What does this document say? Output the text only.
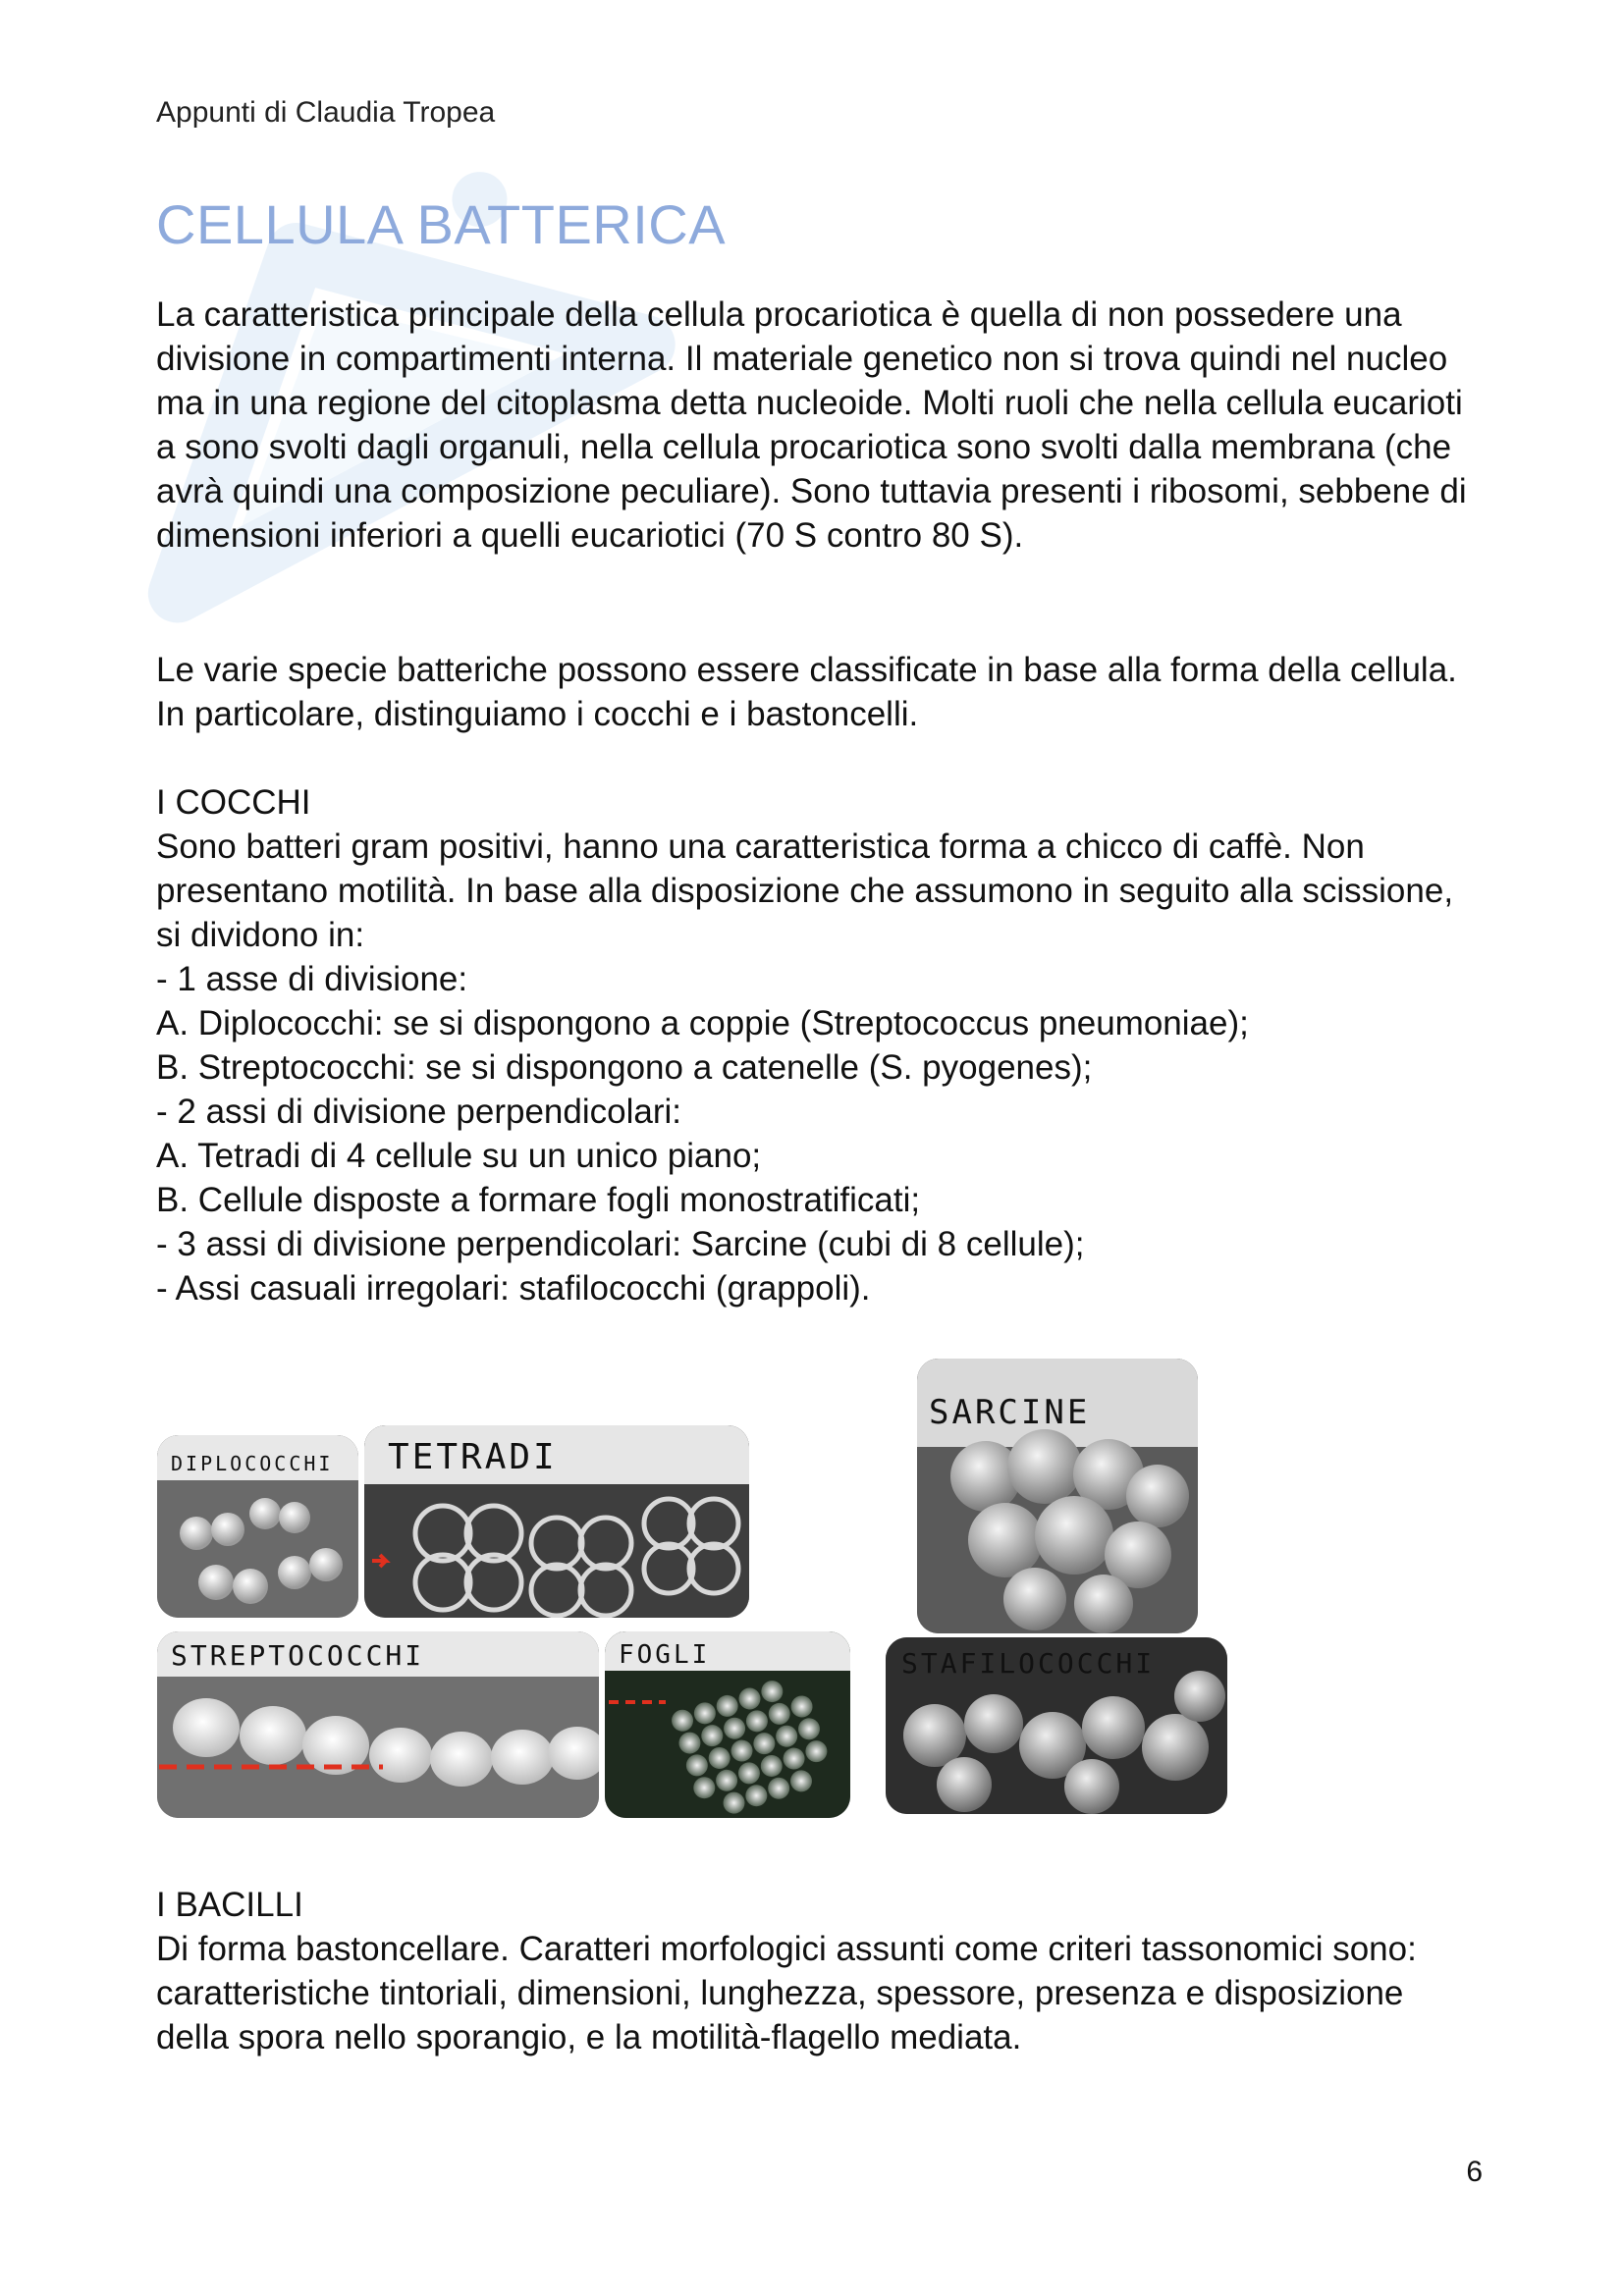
Appunti di Claudia Tropea
CELLULA BATTERICA

La caratteristica principale della cellula procariotica è quella di non possedere una divisione in compartimenti interna. Il materiale genetico non si trova quindi nel nucleo ma in una regione del citoplasma detta nucleoide. Molti ruoli che nella cellula eucarioti a sono svolti dagli organuli, nella cellula procariotica sono svolti dalla membrana (che avrà quindi una composizione peculiare). Sono tuttavia presenti i ribosomi, sebbene di dimensioni inferiori a quelli eucariotici (70 S contro 80 S).

Le varie specie batteriche possono essere classificate in base alla forma della cellula. In particolare, distinguiamo i cocchi e i bastoncelli.

I COCCHI

Sono batteri gram positivi, hanno una caratteristica forma a chicco di caffè. Non presentano motilità. In base alla disposizione che assumono in seguito alla scissione, si dividono in:

- 1 asse di divisione:

A. Diplococchi: se si dispongono a coppie (Streptococcus pneumoniae);

B. Streptococchi: se si dispongono a catenelle (S. pyogenes);

- 2 assi di divisione perpendicolari:

A. Tetradi di 4 cellule su un unico piano;

B. Cellule disposte a formare fogli monostratificati;

- 3 assi di divisione perpendicolari: Sarcine (cubi di 8 cellule);

- Assi casuali irregolari: stafilococchi (grappoli).

DIPLOCOCCHI TETRADI
STREPTOCOCCHI	FOGLI
SARCINE
STAFILOCOCCHI

I BACILLI

Di forma bastoncellare. Caratteri morfologici assunti come criteri tassonomici sono: caratteristiche tintoriali, dimensioni, lunghezza, spessore, presenza e disposizione della spora nello sporangio, e la motilità-flagello mediata.

6
